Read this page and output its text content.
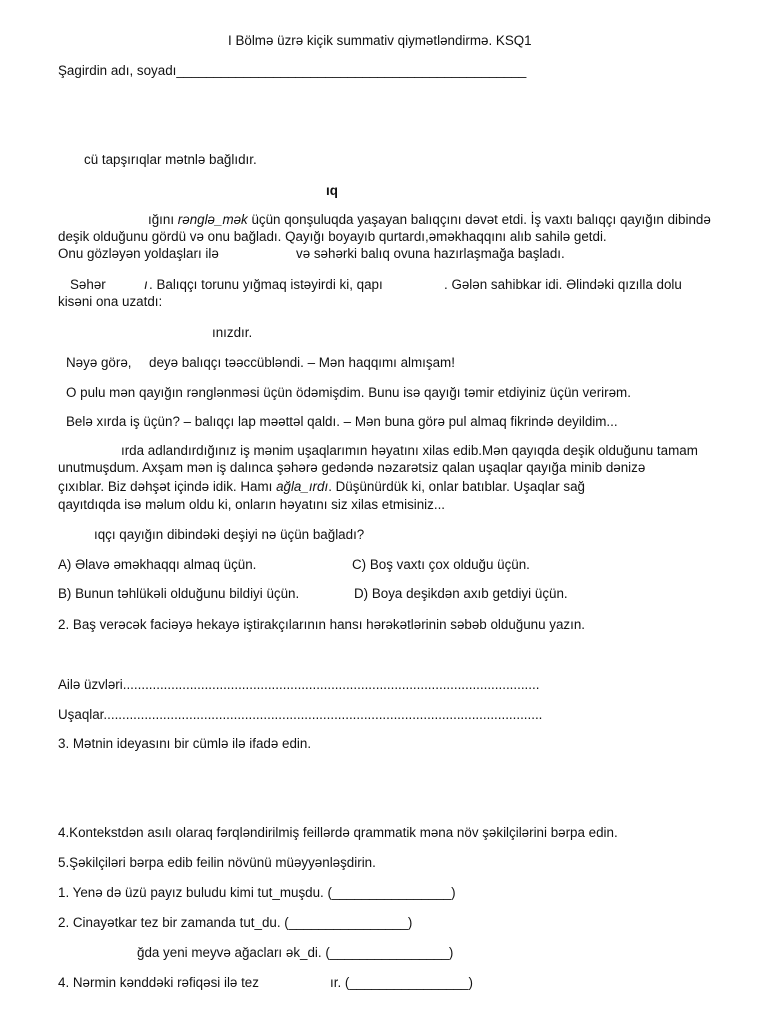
I Bölmə üzrə kiçik summativ qiymətləndirmə. KSQ1
Şagirdin adı, soyadı_______________________________________________
cü tapşırıqlar mətnlə bağlıdır.
ıq
ığını rənglə_mək üçün qonşuluqda yaşayan balıqçını dəvət etdi. İş vaxtı balıqçı qayığın dibində deşik olduğunu gördü və onu bağladı. Qayığı boyayıb qurtardı,əməkhaqqını alıb sahilə getdi.
Onu gözləyən yoldaşları ilə	və səhərki balıq ovuna hazırlaşmağa başladı.
Səhər	ı . Balıqçı torunu yığmaq istəyirdi ki, qapı	. Gələn sahibkar idi. Əlindəki qızılla dolu
kisəni ona uzatdı:
ınızdır.
Nəyə görə, deyə balıqçı təəccübləndi. – Mən haqqımı almışam!
O pulu mən qayığın rənglənməsi üçün ödəmişdim. Bunu isə qayığı təmir etdiyiniz üçün verirəm.
Belə xırda iş üçün? – balıqçı lap məəttəl qaldı. – Mən buna görə pul almaq fikrində deyildim...
ırda adlandırdığınız iş mənim uşaqlarımın həyatını xilas edib.Mən qayıqda deşik olduğunu tamam
unutmuşdum. Axşam mən iş dalınca şəhərə gedəndə nəzarətsiz qalan uşaqlar qayığa minib dənizə
çıxıblar. Biz dəhşət içində idik. Hamı ağla_ırdı. Düşünürdük ki, onlar batıblar. Uşaqlar sağ
qayıtdıqda isə məlum oldu ki, onların həyatını siz xilas etmisiniz...
ıqçı qayığın dibindəki deşiyi nə üçün bağladı?
A) Əlavə əməkhaqqı almaq üçün.	C) Boş vaxtı çox olduğu üçün.
B) Bunun təhlükəli olduğunu bildiyi üçün.	D) Boya deşikdən axıb getdiyi üçün.
2. Baş verəcək faciəyə hekayə iştirakçılarının hansı hərəkətlərinin səbəb olduğunu yazın.
Ailə üzvləri................................................................................................................
Uşaqlar......................................................................................................................
3. Mətnin ideyasını bir cümlə ilə ifadə edin.
4.Kontekstdən asılı olaraq fərqləndirilmiş feillərdə qrammatik məna növ şəkilçilərini bərpa edin.
5.Şəkilçiləri bərpa edib feilin növünü müəyyənləşdirin.
1. Yenə də üzü payız buludu kimi tut_muşdu. (________________)
2. Cinayətkar tez bir zamanda tut_du. (________________)
ğda yeni meyvə ağacları ək_di. (________________)
4. Nərmin kənddəki rəfiqəsi ilə tez	ır. (________________)
